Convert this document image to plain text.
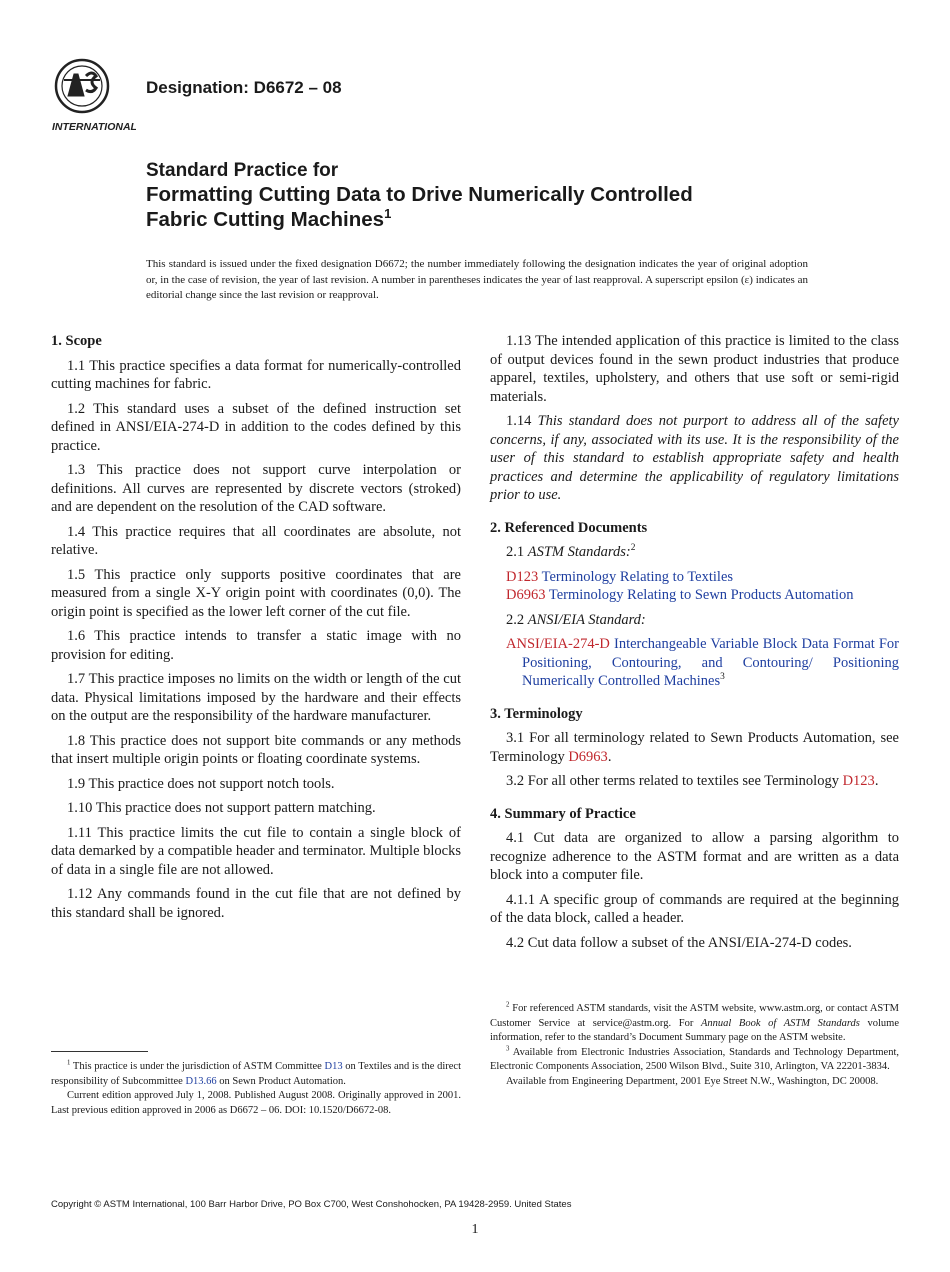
INTERNATIONAL
Designation: D6672 – 08
Standard Practice for
Formatting Cutting Data to Drive Numerically Controlled
Fabric Cutting Machines$^1$
This standard is issued under the fixed designation D6672; the number immediately following the designation indicates the year of original adoption or, in the case of revision, the year of last revision. A number in parentheses indicates the year of last reapproval. A superscript epsilon (ε) indicates an editorial change since the last revision or reapproval.
1. Scope

1.1 This practice specifies a data format for numerically-controlled cutting machines for fabric.

1.2 This standard uses a subset of the defined instruction set defined in ANSI/EIA-274-D in addition to the codes defined by this practice.

1.3 This practice does not support curve interpolation or definitions. All curves are represented by discrete vectors (stroked) and are dependent on the resolution of the CAD software.

1.4 This practice requires that all coordinates are absolute, not relative.

1.5 This practice only supports positive coordinates that are measured from a single X-Y origin point with coordinates (0,0). The origin point is specified as the lower left corner of the cut file.

1.6 This practice intends to transfer a static image with no provision for editing.

1.7 This practice imposes no limits on the width or length of the cut data. Physical limitations imposed by the hardware and their effects on the output are the responsibility of the hardware manufacturer.

1.8 This practice does not support bite commands or any methods that insert multiple origin points or floating coordinate systems.

1.9 This practice does not support notch tools.

1.10 This practice does not support pattern matching.

1.11 This practice limits the cut file to contain a single block of data demarked by a compatible header and terminator. Multiple blocks of data in a single file are not allowed.

1.12 Any commands found in the cut file that are not defined by this standard shall be ignored.

1.13 The intended application of this practice is limited to the class of output devices found in the sewn product industries that produce apparel, textiles, upholstery, and others that use soft or semi-rigid materials.

1.14 This standard does not purport to address all of the safety concerns, if any, associated with its use. It is the responsibility of the user of this standard to establish appropriate safety and health practices and determine the applicability of regulatory limitations prior to use.

2. Referenced Documents

2.1 ASTM Standards:$^2$

D123 Terminology Relating to Textiles
D6963 Terminology Relating to Sewn Products Automation

2.2 ANSI/EIA Standard:

ANSI/EIA-274-D Interchangeable Variable Block Data Format For Positioning, Contouring, and Contouring/ Positioning Numerically Controlled Machines$^3$
3. Terminology

3.1 For all terminology related to Sewn Products Automation, see Terminology D6963.

3.2 For all other terms related to textiles see Terminology D123.

4. Summary of Practice

4.1 Cut data are organized to allow a parsing algorithm to recognize adherence to the ASTM format and are written as a data block into a computer file.

4.1.1 A specific group of commands are required at the beginning of the data block, called a header.

4.2 Cut data follow a subset of the ANSI/EIA-274-D codes.

$^1$ This practice is under the jurisdiction of ASTM Committee D13 on Textiles and is the direct responsibility of Subcommittee D13.66 on Sewn Product Automation.

Current edition approved July 1, 2008. Published August 2008. Originally approved in 2001. Last previous edition approved in 2006 as D6672 – 06. DOI: 10.1520/D6672-08.

$^2$ For referenced ASTM standards, visit the ASTM website, www.astm.org, or contact ASTM Customer Service at service@astm.org. For Annual Book of ASTM Standards volume information, refer to the standard’s Document Summary page on the ASTM website.

$^3$ Available from Electronic Industries Association, Standards and Technology Department, Electronic Components Association, 2500 Wilson Blvd., Suite 310, Arlington, VA 22201-3834.

Available from Engineering Department, 2001 Eye Street N.W., Washington, DC 20008.

Copyright © ASTM International, 100 Barr Harbor Drive, PO Box C700, West Conshohocken, PA 19428-2959. United States
1
